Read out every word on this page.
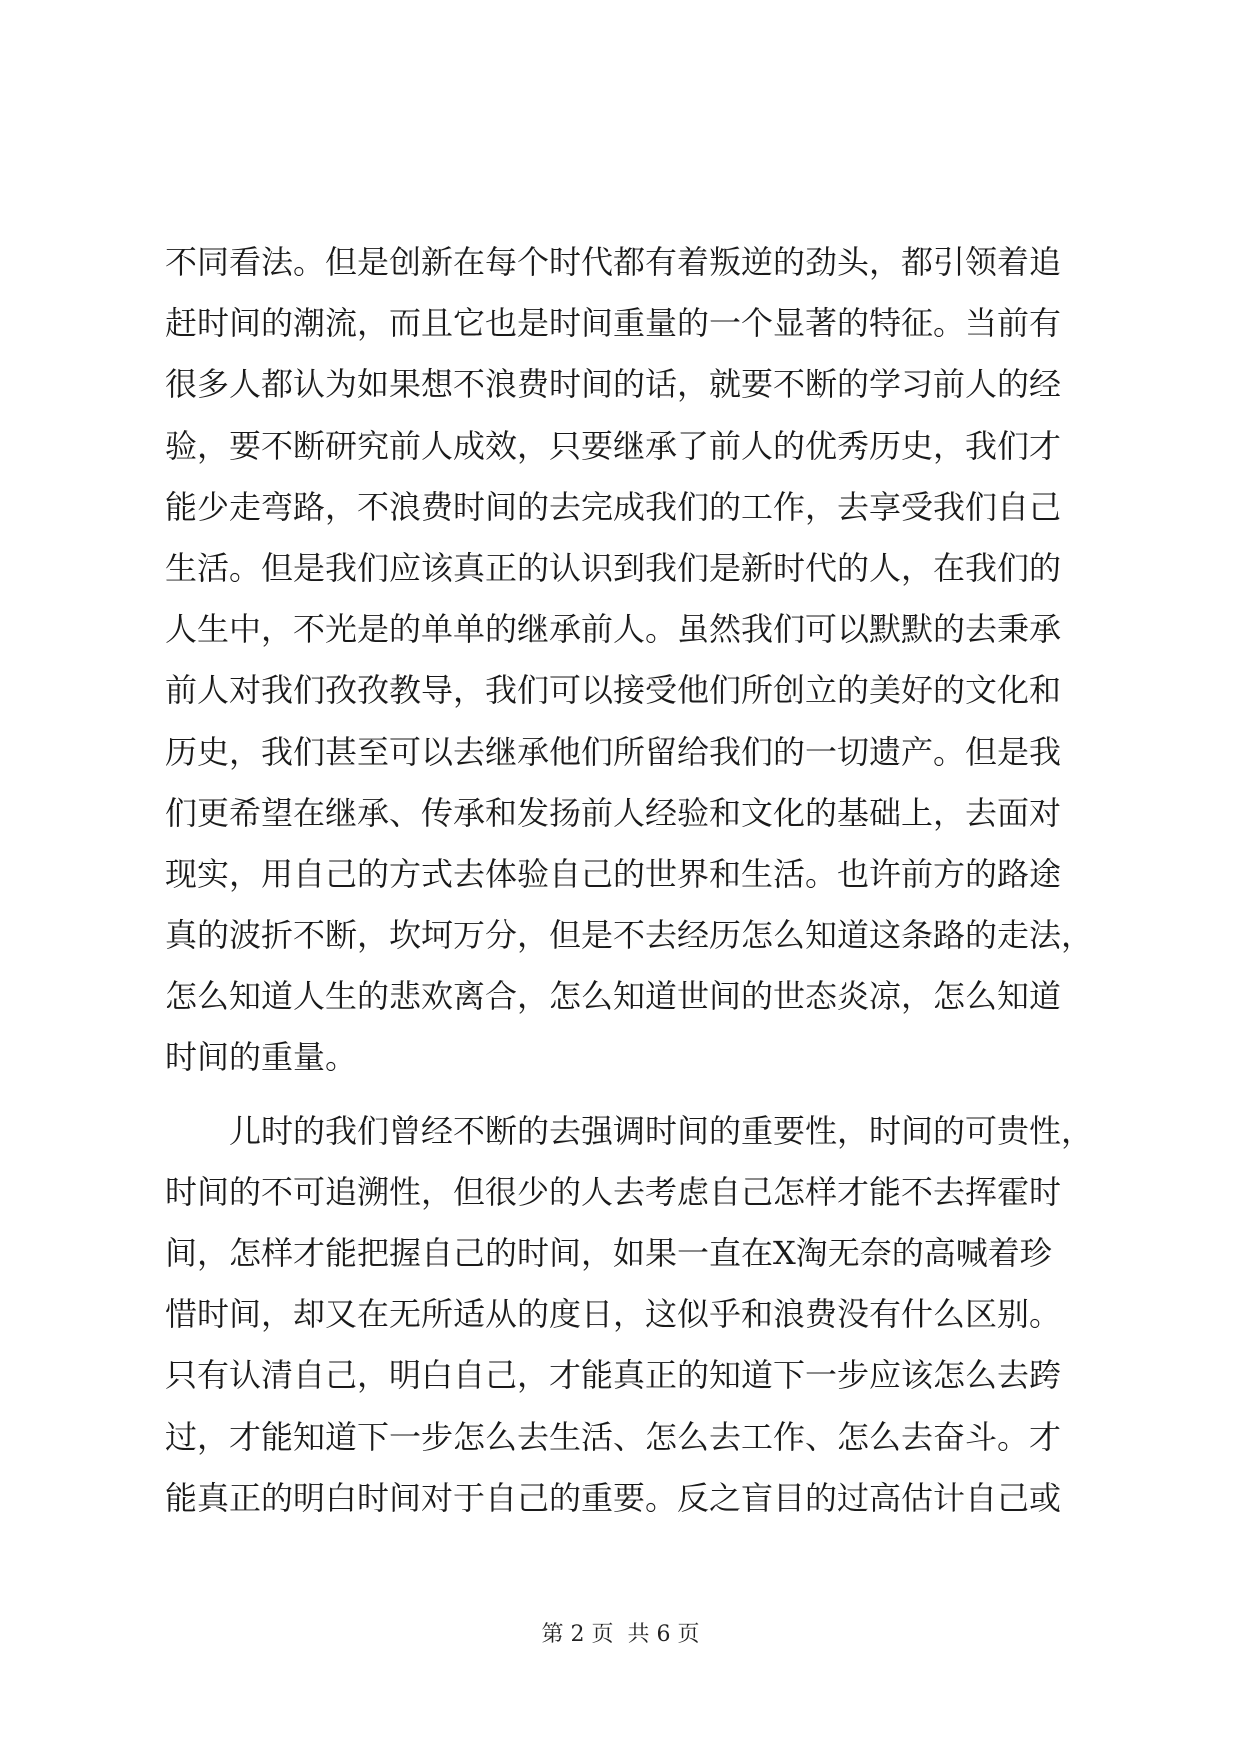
不同看法。但是创新在每个时代都有着叛逆的劲头，都引领着追
赶时间的潮流，而且它也是时间重量的一个显著的特征。当前有
很多人都认为如果想不浪费时间的话，就要不断的学习前人的经
验，要不断研究前人成效，只要继承了前人的优秀历史，我们才
能少走弯路，不浪费时间的去完成我们的工作，去享受我们自己
生活。但是我们应该真正的认识到我们是新时代的人，在我们的
人生中，不光是的单单的继承前人。虽然我们可以默默的去秉承
前人对我们孜孜教导，我们可以接受他们所创立的美好的文化和
历史，我们甚至可以去继承他们所留给我们的一切遗产。但是我
们更希望在继承、传承和发扬前人经验和文化的基础上，去面对
现实，用自己的方式去体验自己的世界和生活。也许前方的路途
真的波折不断，坎坷万分，但是不去经历怎么知道这条路的走法，
怎么知道人生的悲欢离合，怎么知道世间的世态炎凉，怎么知道
时间的重量。
　　儿时的我们曾经不断的去强调时间的重要性，时间的可贵性，
时间的不可追溯性，但很少的人去考虑自己怎样才能不去挥霍时
间，怎样才能把握自己的时间，如果一直在X淘无奈的高喊着珍
惜时间，却又在无所适从的度日，这似乎和浪费没有什么区别。
只有认清自己，明白自己，才能真正的知道下一步应该怎么去跨
过，才能知道下一步怎么去生活、怎么去工作、怎么去奋斗。才
能真正的明白时间对于自己的重要。反之盲目的过高估计自己或
第 2 页  共 6 页
